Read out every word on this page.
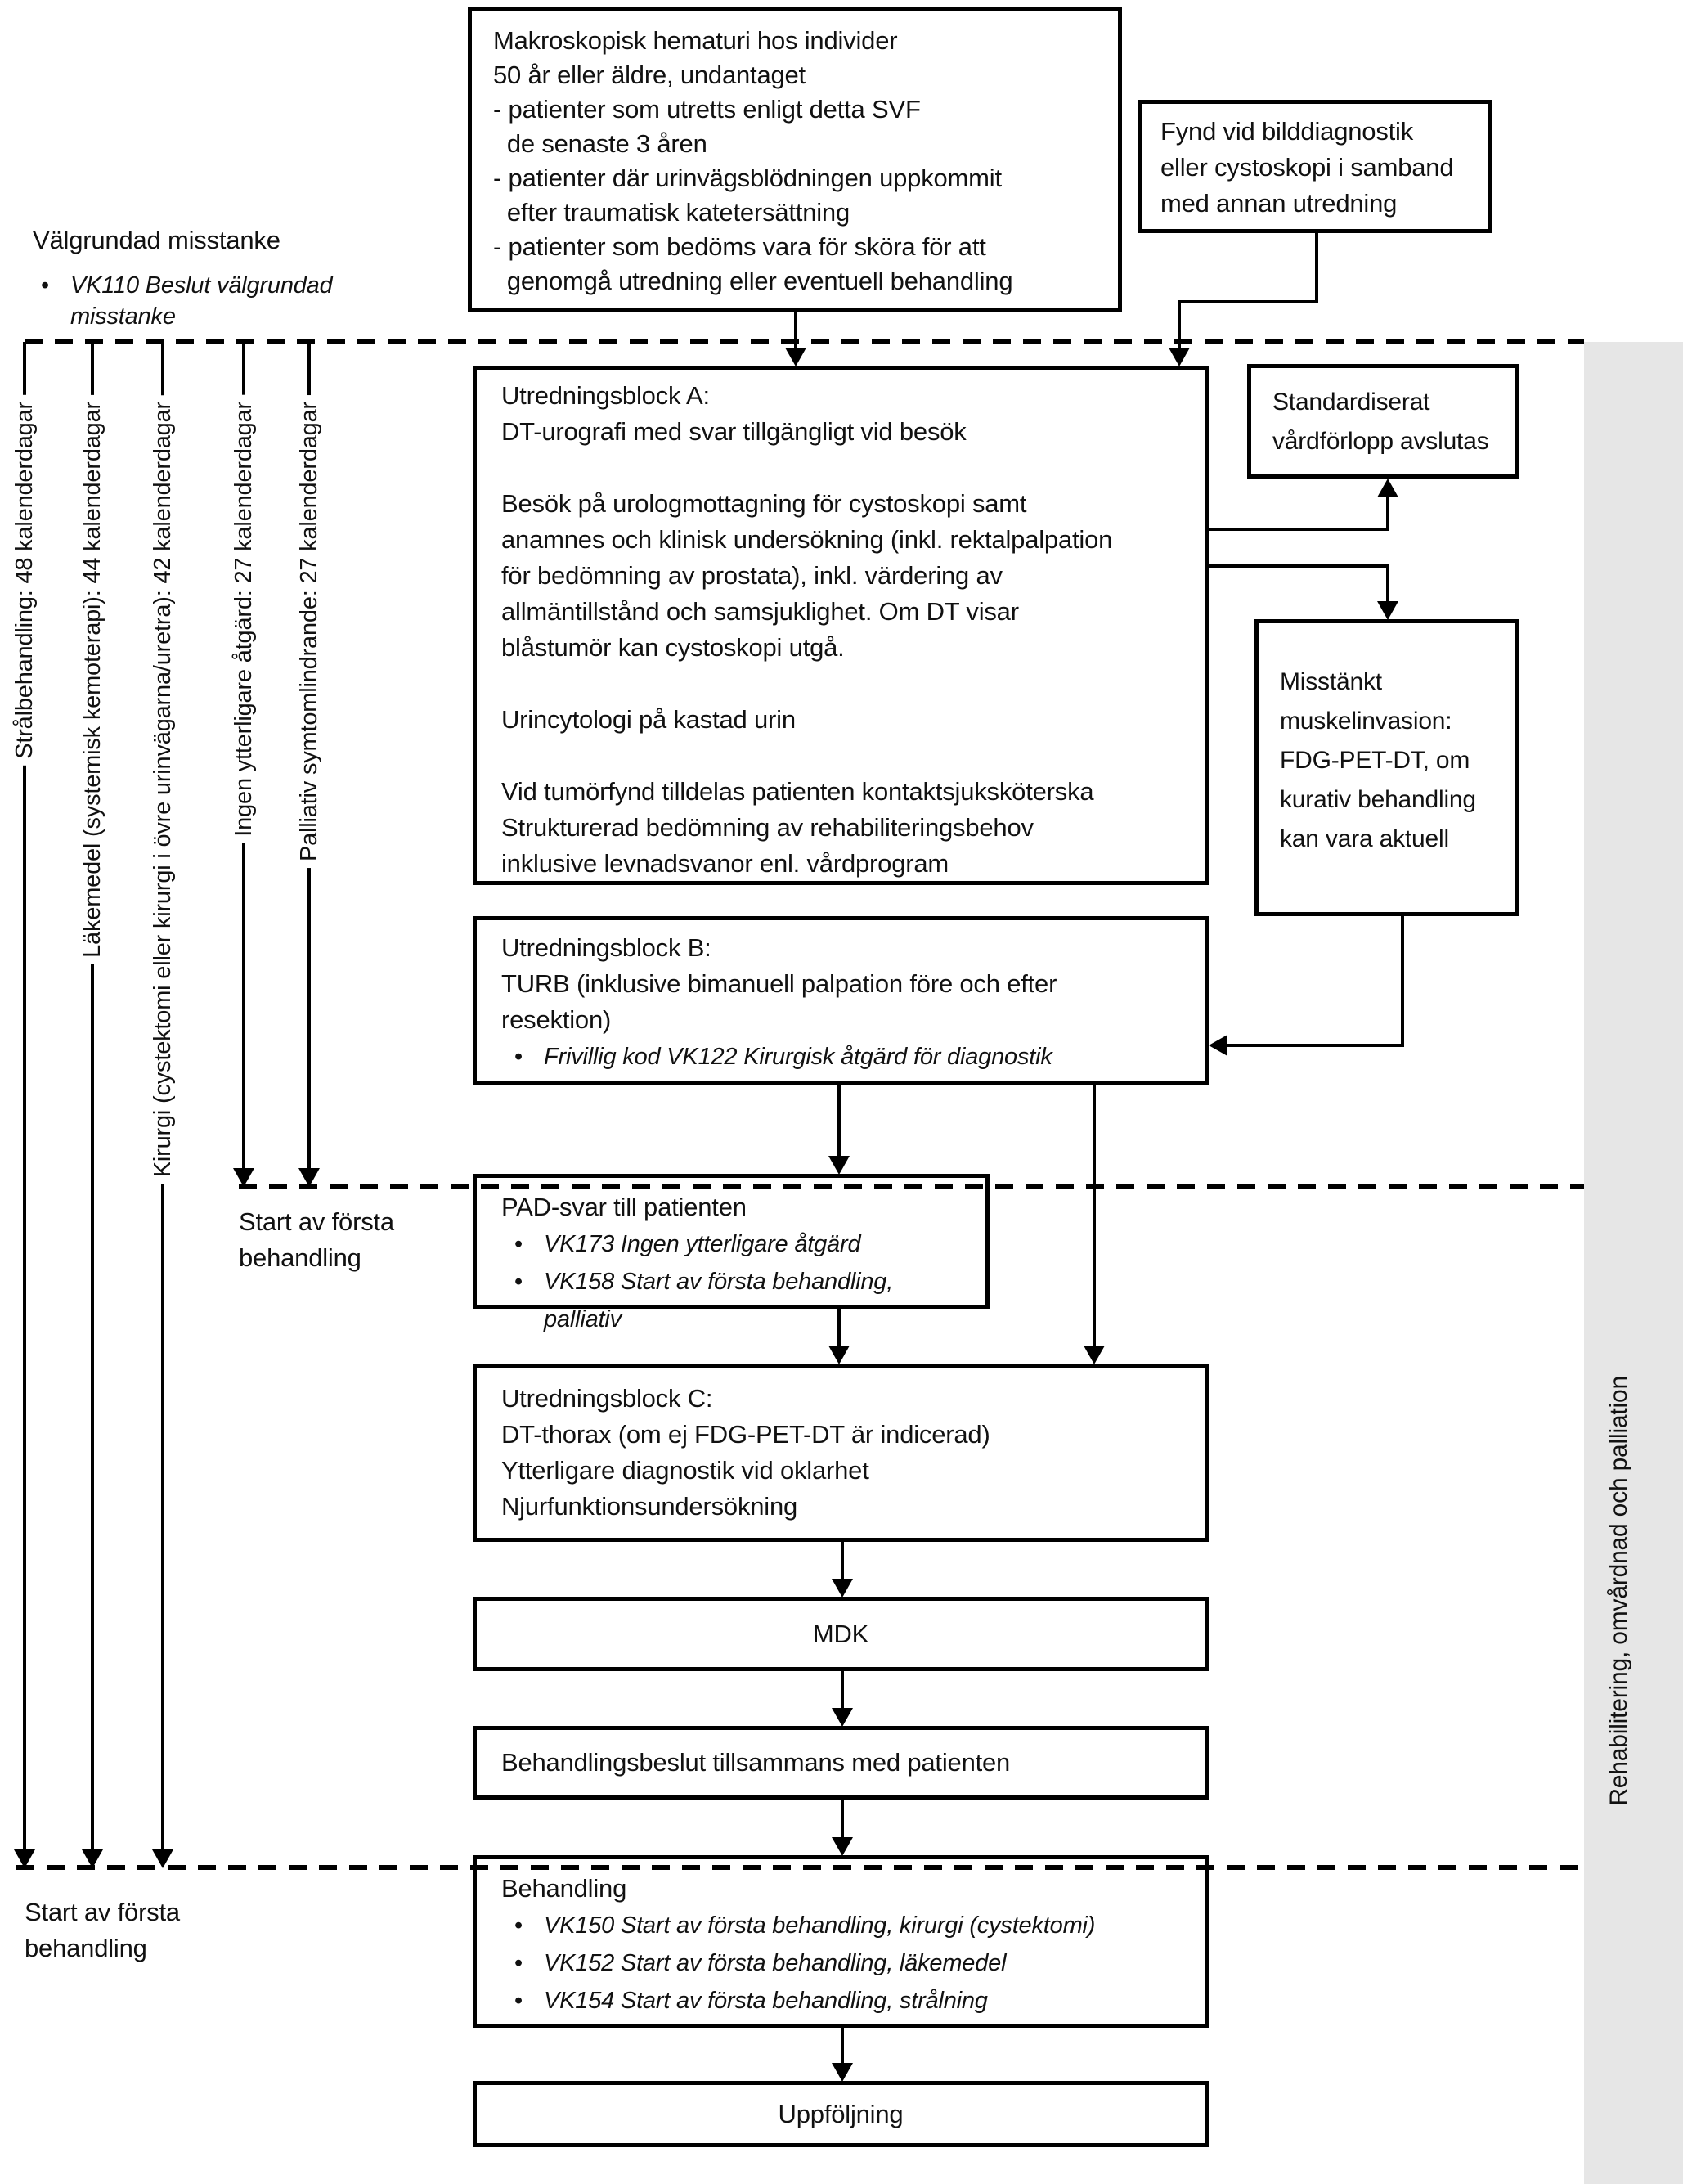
Rehabilitering, omvårdnad och palliation
Välgrundad misstanke
• VK110 Beslut välgrundad misstanke
Makroskopisk hematuri hos individer
50 år eller äldre, undantaget
- patienter som utretts enligt detta SVF
de senaste 3 åren
- patienter där urinvägsblödningen uppkommit
efter traumatisk katetersättning
- patienter som bedöms vara för sköra för att
genomgå utredning eller eventuell behandling
Fynd vid bilddiagnostik
eller cystoskopi i samband
med annan utredning
Strålbehandling: 48 kalenderdagar Läkemedel (systemisk kemoterapi): 44 kalenderdagar Kirurgi (cystektomi eller kirurgi i övre urinvägarna/uretra): 42 kalenderdagar Ingen ytterligare åtgärd: 27 kalenderdagar Palliativ symtomlindrande: 27 kalenderdagar
Utredningsblock A:
DT-urografi med svar tillgängligt vid besök
Besök på urologmottagning för cystoskopi samt
anamnes och klinisk undersökning (inkl. rektalpalpation
för bedömning av prostata), inkl. värdering av
allmäntillstånd och samsjuklighet. Om DT visar
blåstumör kan cystoskopi utgå.
Urincytologi på kastad urin
Vid tumörfynd tilldelas patienten kontaktsjuksköterska
Strukturerad bedömning av rehabiliteringsbehov
inklusive levnadsvanor enl. vårdprogram
Standardiserat
vårdförlopp avslutas
Misstänkt
muskelinvasion:
FDG-PET-DT, om
kurativ behandling
kan vara aktuell
Utredningsblock B:
TURB (inklusive bimanuell palpation före och efter
resektion)
• Frivillig kod VK122 Kirurgisk åtgärd för diagnostik
PAD-svar till patienten
• VK173 Ingen ytterligare åtgärd
• VK158 Start av första behandling, palliativ
Start av första behandling
Utredningsblock C:
DT-thorax (om ej FDG-PET-DT är indicerad)
Ytterligare diagnostik vid oklarhet
Njurfunktionsundersökning
MDK
Behandlingsbeslut tillsammans med patienten
Start av första behandling
Behandling
• VK150 Start av första behandling, kirurgi (cystektomi)
• VK152 Start av första behandling, läkemedel
• VK154 Start av första behandling, strålning
Uppföljning
